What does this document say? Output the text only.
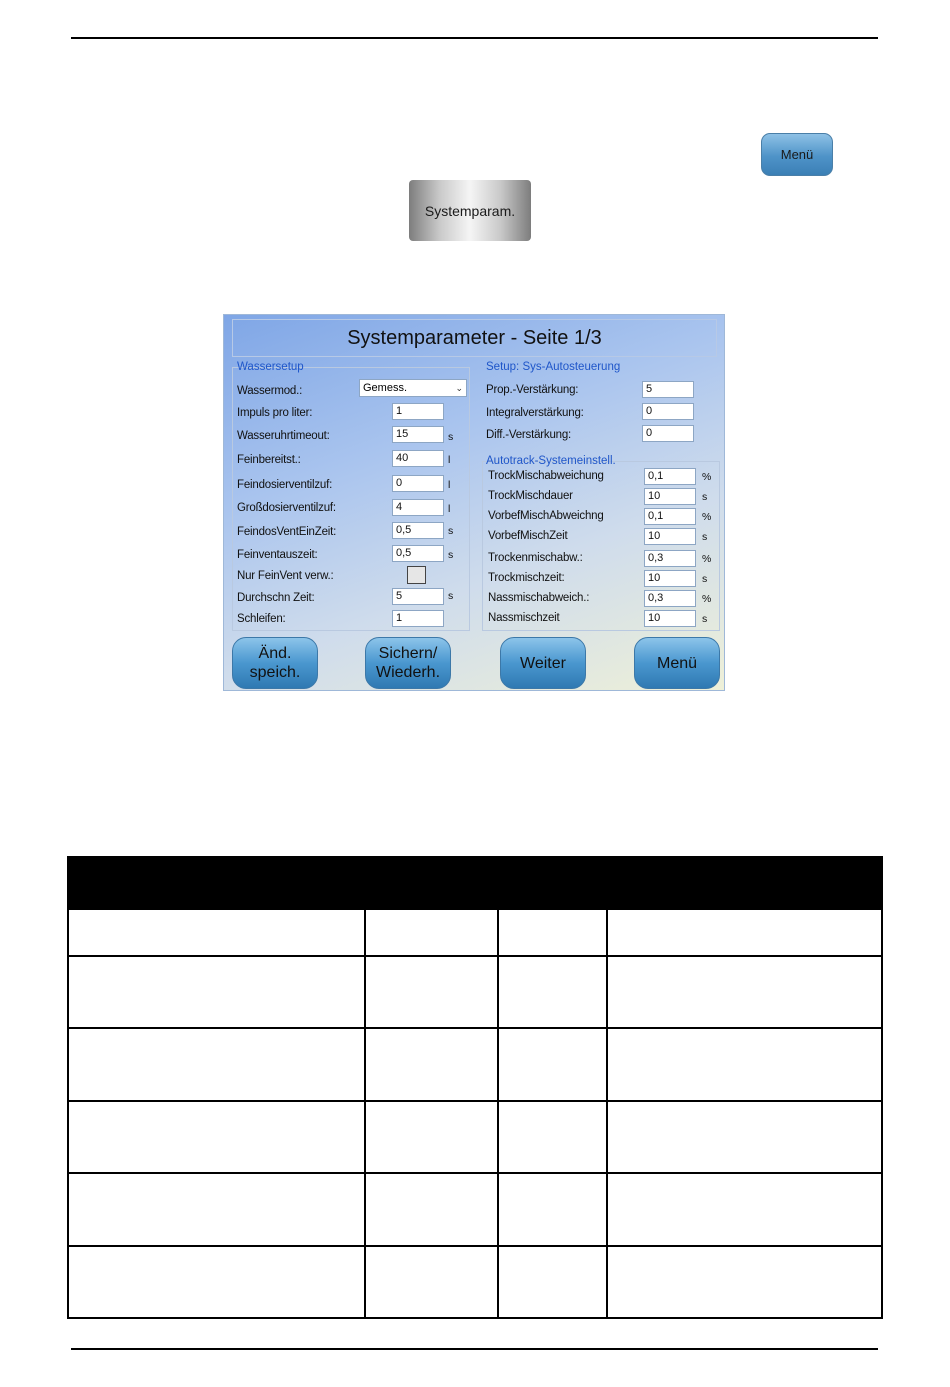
Menü
Systemparam.
Systemparameter - Seite 1/3
Wassersetup
Wassermod.:	Gemess.	⌄
Impuls pro liter:	1
Wasseruhrtimeout:	15	s
Feinbereitst.:	40	l
Feindosierventilzuf:	0	l
Großdosierventilzuf:	4	l
FeindosVentEinZeit:	0,5	s
Feinventauszeit:	0,5	s
Nur FeinVent verw.:
Durchschn Zeit:	5	s
Schleifen:	1
Setup: Sys-Autosteuerung
Prop.-Verstärkung:	5
Integralverstärkung:	0
Diff.-Verstärkung:	0
Autotrack-Systemeinstell.
TrockMischabweichung	0,1	%
TrockMischdauer	10	s
VorbefMischAbweichng	0,1	%
VorbefMischZeit	10	s
Trockenmischabw.:	0,3	%
Trockmischzeit:	10	s
Nassmischabweich.:	0,3	%
Nassmischzeit	10	s
Änd.
speich.
Sichern/
Wiederh.
Weiter	Menü
